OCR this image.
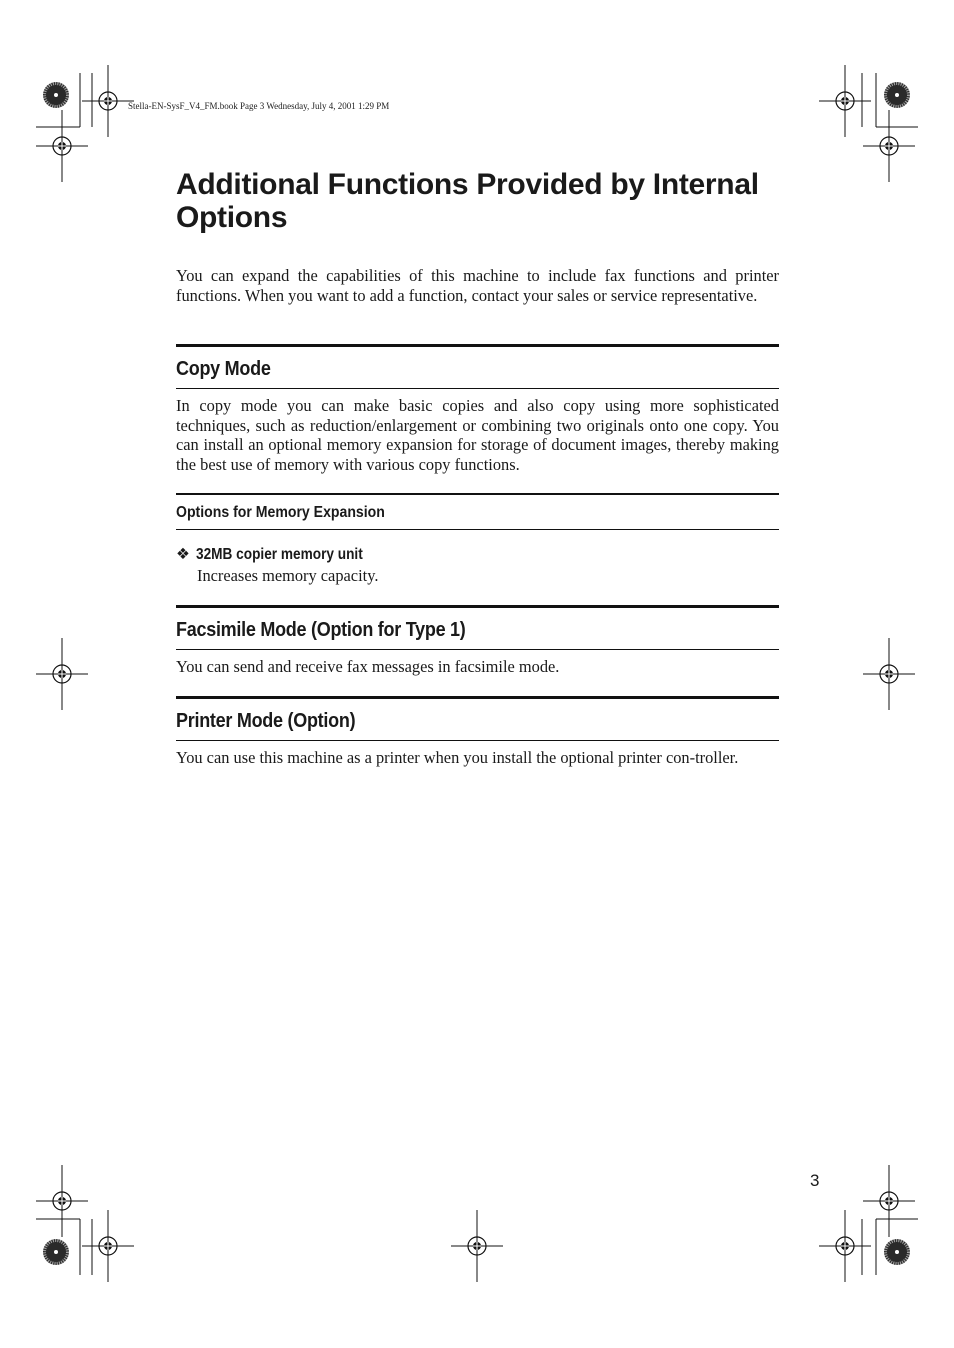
Stella-EN-SysF_V4_FM.book Page 3 Wednesday, July 4, 2001 1:29 PM
Additional Functions Provided by Internal Options

You can expand the capabilities of this machine to include fax functions and printer functions. When you want to add a function, contact your sales or service representative.

Copy Mode

In copy mode you can make basic copies and also copy using more sophisticated techniques, such as reduction/enlargement or combining two originals onto one copy. You can install an optional memory expansion for storage of document images, thereby making the best use of memory with various copy functions.

Options for Memory Expansion
❖ 32MB copier memory unit

Increases memory capacity.

Facsimile Mode (Option for Type 1)

You can send and receive fax messages in facsimile mode.

Printer Mode (Option)

You can use this machine as a printer when you install the optional printer con-troller.

3
